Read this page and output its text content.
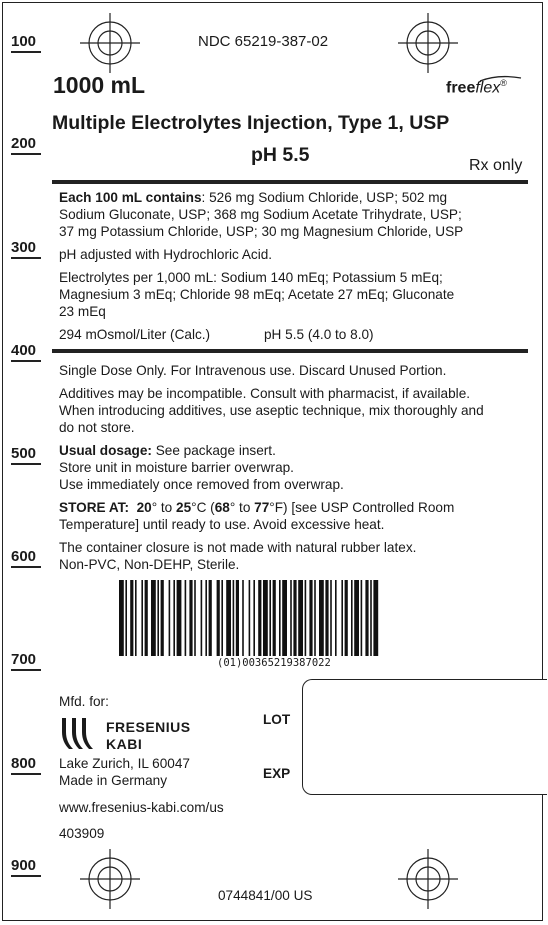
100
200
300
400
500
600
700
800
900
NDC 65219-387-02
1000 mL	freeflex®
Multiple Electrolytes Injection, Type 1, USP
pH 5.5	Rx only
Each 100 mL contains: 526 mg Sodium Chloride, USP; 502 mg
Sodium Gluconate, USP; 368 mg Sodium Acetate Trihydrate, USP;
37 mg Potassium Chloride, USP; 30 mg Magnesium Chloride, USP
pH adjusted with Hydrochloric Acid.
Electrolytes per 1,000 mL: Sodium 140 mEq; Potassium 5 mEq;
Magnesium 3 mEq; Chloride 98 mEq; Acetate 27 mEq; Gluconate
23 mEq
294 mOsmol/Liter (Calc.)	pH 5.5 (4.0 to 8.0)
Single Dose Only. For Intravenous use. Discard Unused Portion.
Additives may be incompatible. Consult with pharmacist, if available.
When introducing additives, use aseptic technique, mix thoroughly and
do not store.
Usual dosage: See package insert.
Store unit in moisture barrier overwrap.
Use immediately once removed from overwrap.
STORE AT: 20° to 25°C (68° to 77°F) [see USP Controlled Room
Temperature] until ready to use. Avoid excessive heat.
The container closure is not made with natural rubber latex.
Non-PVC, Non-DEHP, Sterile.
(01)00365219387022
Mfd. for:
FRESENIUS
KABI
Lake Zurich, IL 60047
Made in Germany
www.fresenius-kabi.com/us
403909
LOT
EXP
0744841/00 US
